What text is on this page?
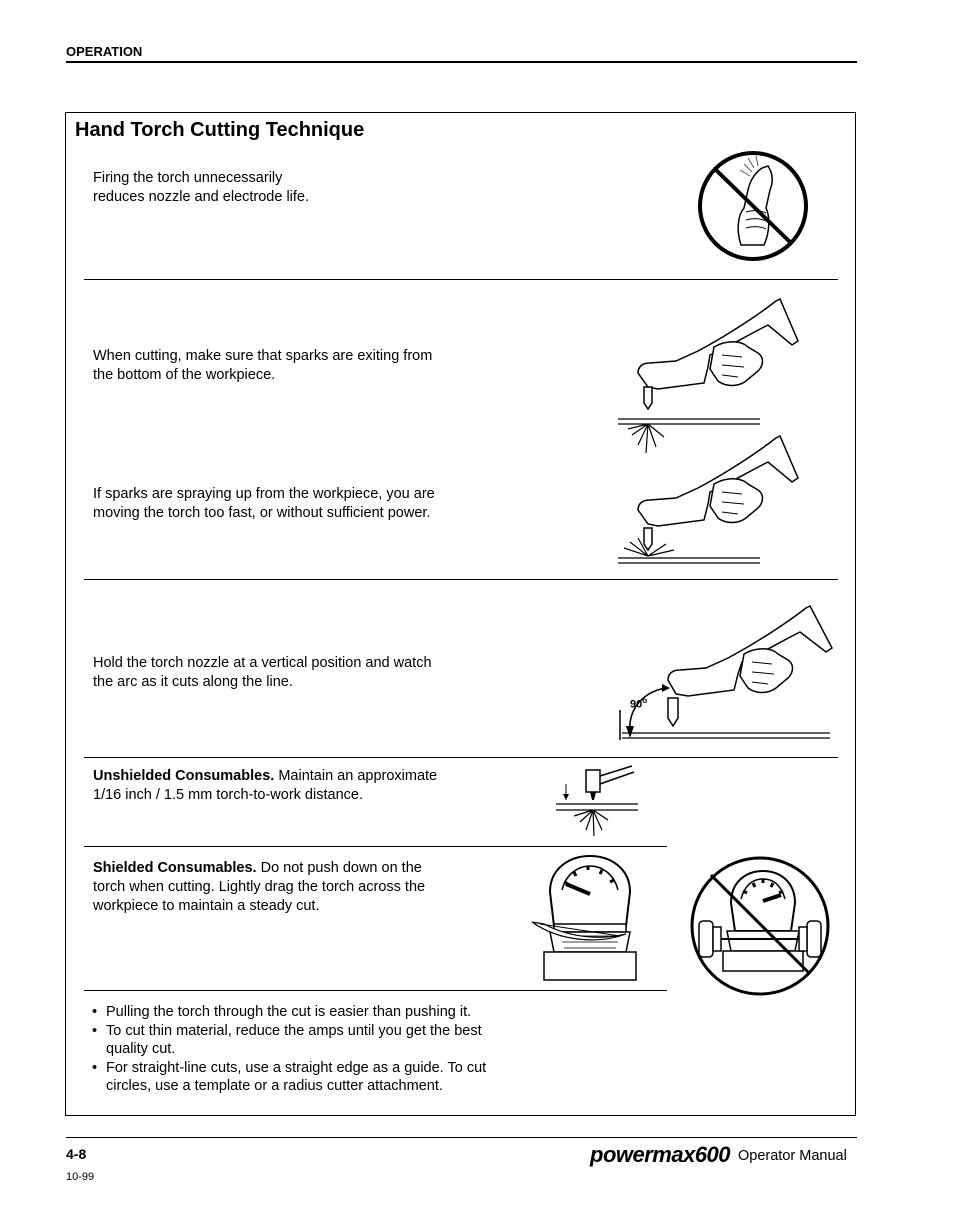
OPERATION
Hand Torch Cutting Technique
Firing the torch unnecessarily
reduces nozzle and electrode life.
When cutting, make sure that sparks are exiting from
the bottom of the workpiece.
If sparks are spraying up from the workpiece, you are
moving the torch too fast, or without sufficient power.
Hold the torch nozzle at a vertical position and watch
the arc as it cuts along the line.
90$^o$
Unshielded Consumables. Maintain an approximate
1/16 inch / 1.5 mm torch-to-work distance.
Shielded Consumables. Do not push down on the
torch when cutting. Lightly drag the torch across the
workpiece to maintain a steady cut.
• Pulling the torch through the cut is easier than pushing it.
• To cut thin material, reduce the amps until you get the best
quality cut.
• For straight-line cuts, use a straight edge as a guide. To cut
circles, use a template or a radius cutter attachment.
4-8
10-99
powermax600 Operator Manual
